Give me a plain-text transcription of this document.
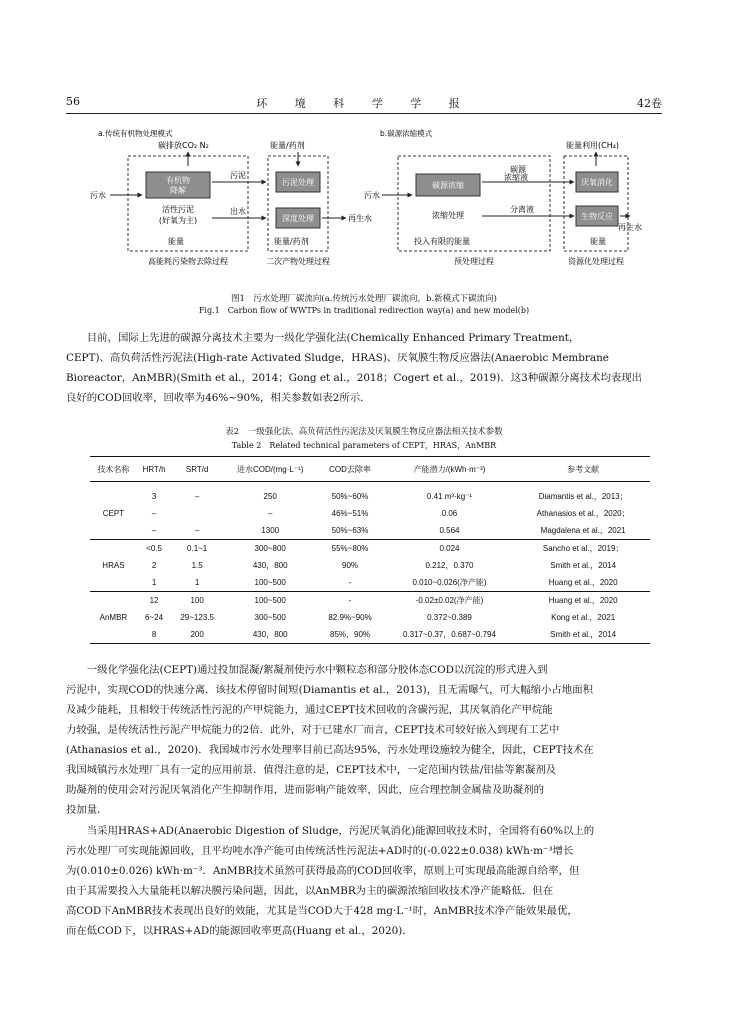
56	环 境 科 学 学 报	42卷
a.传统有机物处理模式
碳排放CO₂ N₂	能量/药剂
污水
有机物
降解
活性污泥
(好氧为主)
污泥
出水
污泥处理
深度处理	再生水
能量	能量/药剂
高能耗污染物去除过程	二次产物处理过程
b.碳源浓缩模式
能量利用(CH₄)
污水
碳源浓缩
浓缩处理
碳源
浓缩液
分离液
厌氧消化
生物反应
再生水
投入有限的能量	能量
预处理过程	资源化处理过程
图1　污水处理厂碳流向(a.传统污水处理厂碳流向，b.新模式下碳流向)
Fig.1　Carbon flow of WWTPs in traditional redirection way(a) and new model(b)
目前，国际上先进的碳源分离技术主要为一级化学强化法(Chemically Enhanced Primary Treatment，
CEPT)、高负荷活性污泥法(High-rate Activated Sludge，HRAS)、厌氧膜生物反应器法(Anaerobic Membrane
Bioreactor，AnMBR)(Smith et al.，2014；Gong et al.，2018；Cogert et al.，2019)．这3种碳源分离技术均表现出
良好的COD回收率，回收率为46%~90%，相关参数如表2所示．
表2　一级强化法、高负荷活性污泥法及厌氧膜生物反应器法相关技术参数
Table 2　Related technical parameters of CEPT，HRAS，AnMBR
技术名称	HRT/h	SRT/d	进水COD/(mg·L⁻¹)	COD去除率	产能潜力/(kWh·m⁻³)	参考文献

	3	–	250	50%~60%	0.41 m³·kg⁻¹	Diamantis et al.，2013；
CEPT	–		–	46%~51%	0.06	Athanasios et al.，2020；
	–	–	1300	50%~63%	0.564	Magdalena et al.，2021
	<0.5	0.1~1	300~800	55%~80%	0.024	Sancho et al.，2019；
HRAS	2	1.5	430，800	90%	0.212，0.370	Smith et al.，2014
	1	1	100~500	-	0.010~0.026(净产能)	Huang et al.，2020
	12	100	100~500	-	-0.02±0.02(净产能)	Huang et al.，2020
AnMBR	6~24	29~123.5	300~500	82.9%~90%	0.372~0.389	Kong et al.，2021
	8	200	430，800	85%，90%	0.317~0.37，0.687~0.794	Smith et al.，2014
一级化学强化法(CEPT)通过投加混凝/絮凝剂使污水中颗粒态和部分胶体态COD以沉淀的形式进入到
污泥中，实现COD的快速分离．该技术停留时间短(Diamantis et al.，2013)，且无需曝气，可大幅缩小占地面积
及减少能耗，且相较于传统活性污泥的产甲烷能力，通过CEPT技术回收的含碳污泥，其厌氧消化产甲烷能
力较强，是传统活性污泥产甲烷能力的2倍．此外，对于已建水厂而言，CEPT技术可较好嵌入到现有工艺中
(Athanasios et al.，2020)．我国城市污水处理率目前已高达95%，污水处理设施较为健全，因此，CEPT技术在
我国城镇污水处理厂具有一定的应用前景．值得注意的是，CEPT技术中，一定范围内铁盐/铝盐等絮凝剂及
助凝剂的使用会对污泥厌氧消化产生抑制作用，进而影响产能效率，因此，应合理控制金属盐及助凝剂的
投加量．
当采用HRAS+AD(Anaerobic Digestion of Sludge，污泥厌氧消化)能源回收技术时，全国将有60%以上的
污水处理厂可实现能源回收，且平均吨水净产能可由传统活性污泥法+AD时的(-0.022±0.038) kWh·m⁻³增长
为(0.010±0.026) kWh·m⁻³．AnMBR技术虽然可获得最高的COD回收率，原则上可实现最高能源自给率，但
由于其需要投入大量能耗以解决膜污染问题，因此，以AnMBR为主的碳源浓缩回收技术净产能略低．但在
高COD下AnMBR技术表现出良好的效能，尤其是当COD大于428 mg·L⁻¹时，AnMBR技术净产能效果最优，
而在低COD下，以HRAS+AD的能源回收率更高(Huang et al.，2020)．
